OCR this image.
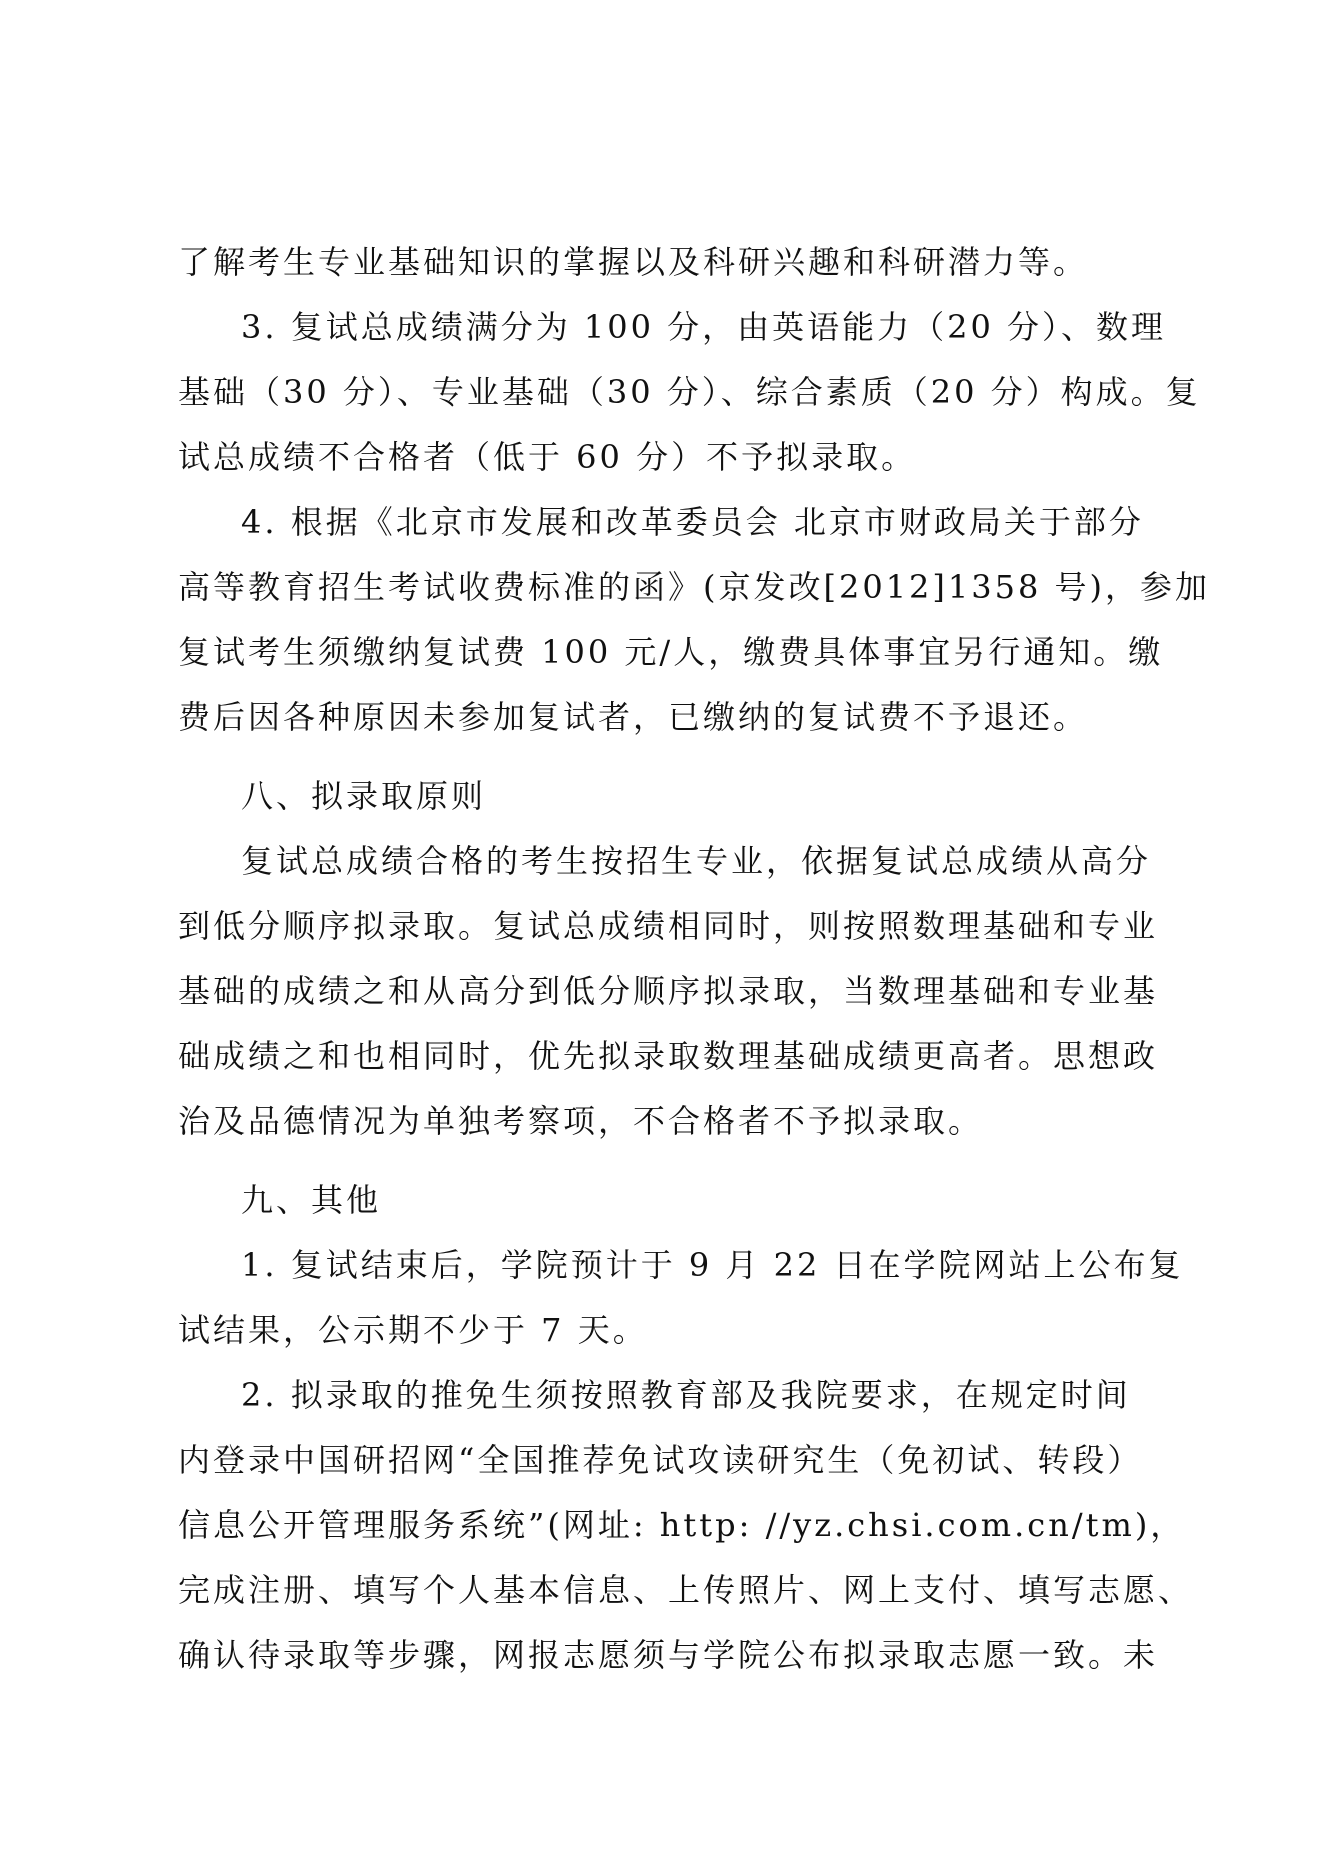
了解考生专业基础知识的掌握以及科研兴趣和科研潜力等。
3. 复试总成绩满分为 100 分，由英语能力（20 分）、数理
基础（30 分）、专业基础（30 分）、综合素质（20 分）构成。复
试总成绩不合格者（低于 60 分）不予拟录取。
4. 根据《北京市发展和改革委员会 北京市财政局关于部分
高等教育招生考试收费标准的函》(京发改[2012]1358 号)，参加
复试考生须缴纳复试费 100 元/人，缴费具体事宜另行通知。缴
费后因各种原因未参加复试者，已缴纳的复试费不予退还。
八、拟录取原则
复试总成绩合格的考生按招生专业，依据复试总成绩从高分
到低分顺序拟录取。复试总成绩相同时，则按照数理基础和专业
基础的成绩之和从高分到低分顺序拟录取，当数理基础和专业基
础成绩之和也相同时，优先拟录取数理基础成绩更高者。思想政
治及品德情况为单独考察项，不合格者不予拟录取。
九、其他
1. 复试结束后，学院预计于 9 月 22 日在学院网站上公布复
试结果，公示期不少于 7 天。
2. 拟录取的推免生须按照教育部及我院要求，在规定时间
内登录中国研招网“全国推荐免试攻读研究生（免初试、转段）
信息公开管理服务系统”(网址: http: //yz.chsi.com.cn/tm)，
完成注册、填写个人基本信息、上传照片、网上支付、填写志愿、
确认待录取等步骤，网报志愿须与学院公布拟录取志愿一致。未
